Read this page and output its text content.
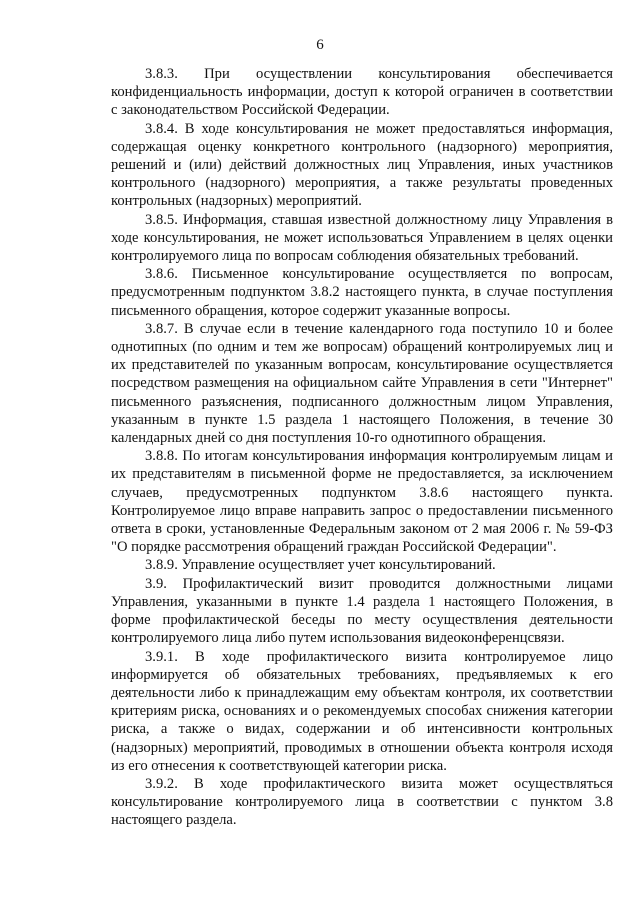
6

3.8.3. При осуществлении консультирования обеспечивается конфиденциальность информации, доступ к которой ограничен в соответствии с законодательством Российской Федерации.

3.8.4. В ходе консультирования не может предоставляться информация, содержащая оценку конкретного контрольного (надзорного) мероприятия, решений и (или) действий должностных лиц Управления, иных участников контрольного (надзорного) мероприятия, а также результаты проведенных контрольных (надзорных) мероприятий.

3.8.5. Информация, ставшая известной должностному лицу Управления в ходе консультирования, не может использоваться Управлением в целях оценки контролируемого лица по вопросам соблюдения обязательных требований.

3.8.6. Письменное консультирование осуществляется по вопросам, предусмотренным подпунктом 3.8.2 настоящего пункта, в случае поступления письменного обращения, которое содержит указанные вопросы.

3.8.7. В случае если в течение календарного года поступило 10 и более однотипных (по одним и тем же вопросам) обращений контролируемых лиц и их представителей по указанным вопросам, консультирование осуществляется посредством размещения на официальном сайте Управления в сети "Интернет" письменного разъяснения, подписанного должностным лицом Управления, указанным в пункте 1.5 раздела 1 настоящего Положения, в течение 30 календарных дней со дня поступления 10-го однотипного обращения.

3.8.8. По итогам консультирования информация контролируемым лицам и их представителям в письменной форме не предоставляется, за исключением случаев, предусмотренных подпунктом 3.8.6 настоящего пункта. Контролируемое лицо вправе направить запрос о предоставлении письменного ответа в сроки, установленные Федеральным законом от 2 мая 2006 г. № 59-ФЗ "О порядке рассмотрения обращений граждан Российской Федерации".

3.8.9. Управление осуществляет учет консультирований.

3.9. Профилактический визит проводится должностными лицами Управления, указанными в пункте 1.4 раздела 1 настоящего Положения, в форме профилактической беседы по месту осуществления деятельности контролируемого лица либо путем использования видеоконференцсвязи.

3.9.1. В ходе профилактического визита контролируемое лицо информируется об обязательных требованиях, предъявляемых к его деятельности либо к принадлежащим ему объектам контроля, их соответствии критериям риска, основаниях и о рекомендуемых способах снижения категории риска, а также о видах, содержании и об интенсивности контрольных (надзорных) мероприятий, проводимых в отношении объекта контроля исходя из его отнесения к соответствующей категории риска.

3.9.2. В ходе профилактического визита может осуществляться консультирование контролируемого лица в соответствии с пунктом 3.8 настоящего раздела.
